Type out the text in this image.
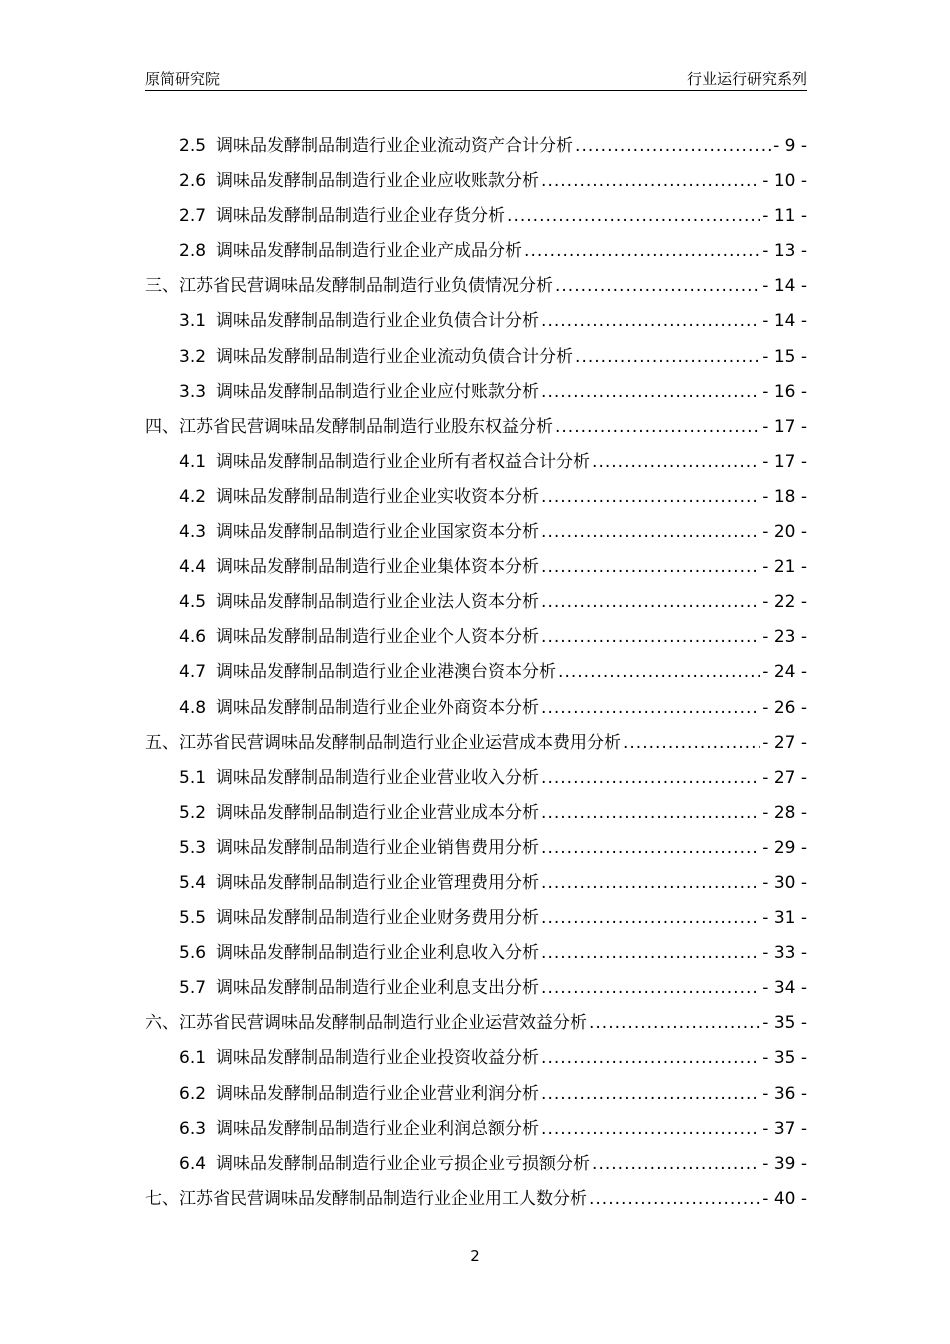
原简研究院	行业运行研究系列
2.5 调味品发酵制品制造行业企业流动资产合计分析 .....	- 9 -
2.6 调味品发酵制品制造行业企业应收账款分析 .....	- 10 -
2.7 调味品发酵制品制造行业企业存货分析 .....	- 11 -
2.8 调味品发酵制品制造行业企业产成品分析 .....	- 13 -
三、江苏省民营调味品发酵制品制造行业负债情况分析 .....	- 14 -
3.1 调味品发酵制品制造行业企业负债合计分析 .....	- 14 -
3.2 调味品发酵制品制造行业企业流动负债合计分析 .....	- 15 -
3.3 调味品发酵制品制造行业企业应付账款分析 .....	- 16 -
四、江苏省民营调味品发酵制品制造行业股东权益分析 .....	- 17 -
4.1 调味品发酵制品制造行业企业所有者权益合计分析 .....	- 17 -
4.2 调味品发酵制品制造行业企业实收资本分析 .....	- 18 -
4.3 调味品发酵制品制造行业企业国家资本分析 .....	- 20 -
4.4 调味品发酵制品制造行业企业集体资本分析 .....	- 21 -
4.5 调味品发酵制品制造行业企业法人资本分析 .....	- 22 -
4.6 调味品发酵制品制造行业企业个人资本分析 .....	- 23 -
4.7 调味品发酵制品制造行业企业港澳台资本分析 .....	- 24 -
4.8 调味品发酵制品制造行业企业外商资本分析 .....	- 26 -
五、江苏省民营调味品发酵制品制造行业企业运营成本费用分析 .....	- 27 -
5.1 调味品发酵制品制造行业企业营业收入分析 .....	- 27 -
5.2 调味品发酵制品制造行业企业营业成本分析 .....	- 28 -
5.3 调味品发酵制品制造行业企业销售费用分析 .....	- 29 -
5.4 调味品发酵制品制造行业企业管理费用分析 .....	- 30 -
5.5 调味品发酵制品制造行业企业财务费用分析 .....	- 31 -
5.6 调味品发酵制品制造行业企业利息收入分析 .....	- 33 -
5.7 调味品发酵制品制造行业企业利息支出分析 .....	- 34 -
六、江苏省民营调味品发酵制品制造行业企业运营效益分析 .....	- 35 -
6.1 调味品发酵制品制造行业企业投资收益分析 .....	- 35 -
6.2 调味品发酵制品制造行业企业营业利润分析 .....	- 36 -
6.3 调味品发酵制品制造行业企业利润总额分析 .....	- 37 -
6.4 调味品发酵制品制造行业企业亏损企业亏损额分析 .....	- 39 -
七、江苏省民营调味品发酵制品制造行业企业用工人数分析 .....	- 40 -
2
